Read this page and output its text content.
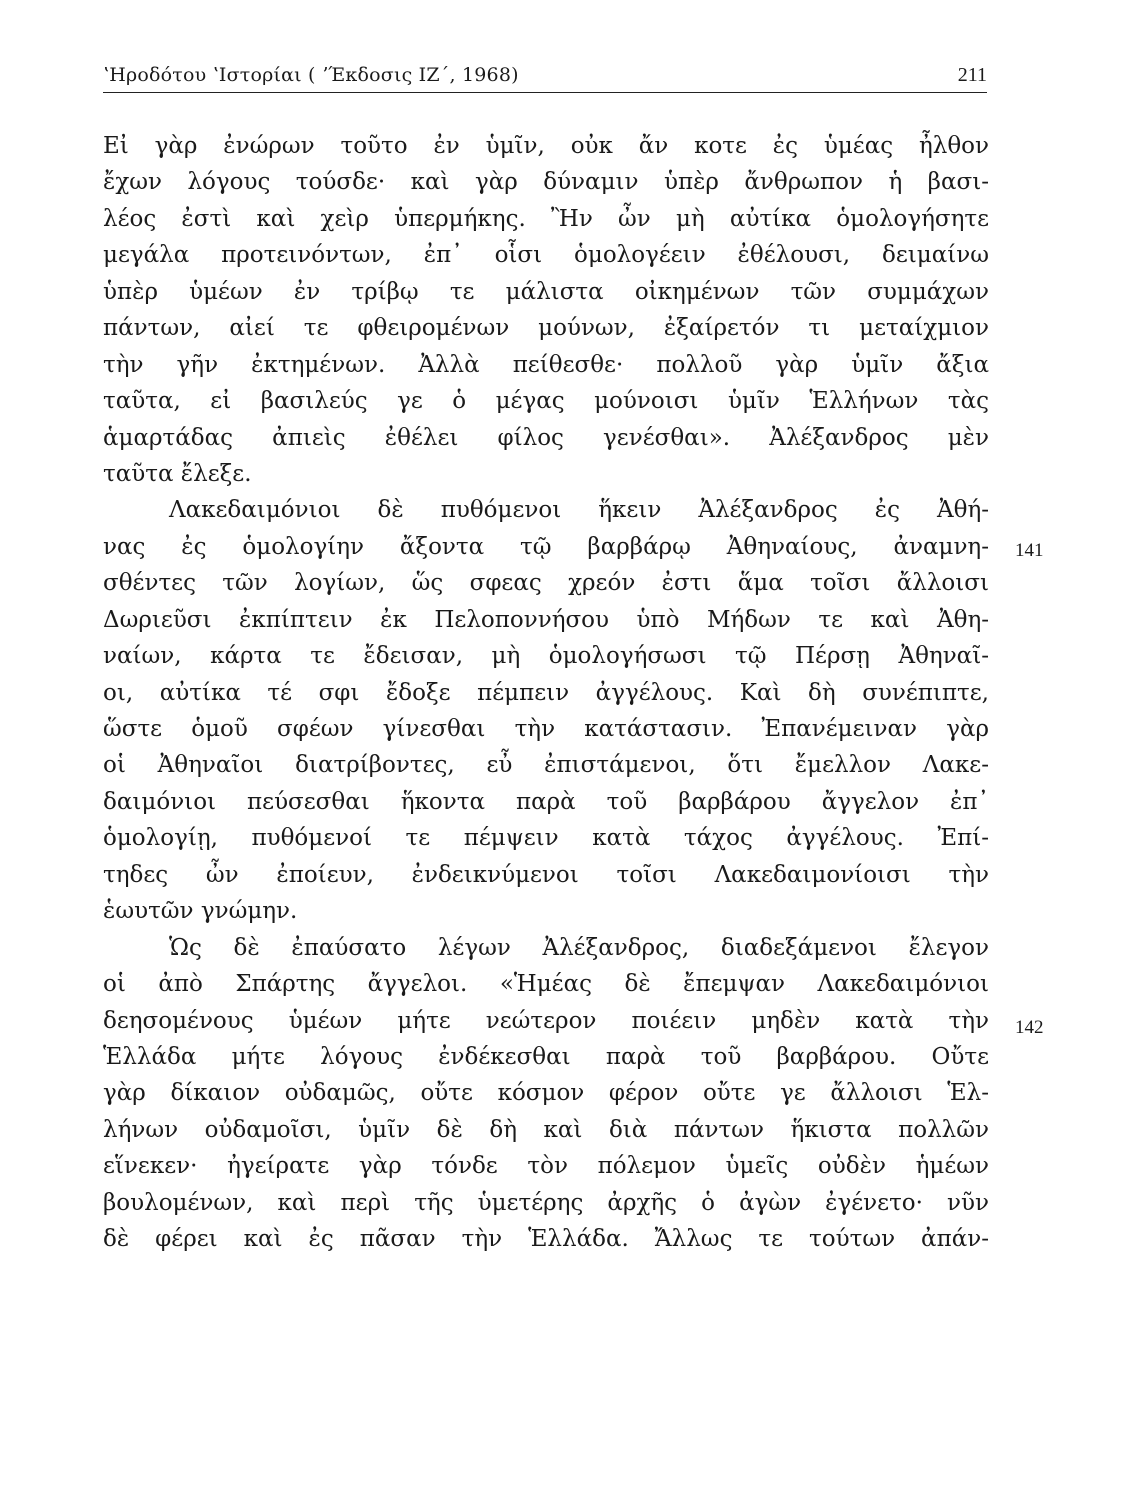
ʽΗροδότου ʽΙστορίαι ( ʼΈκδοσις ΙΖ΄, 1968)	211
Εἰ γὰρ ἐνώρων τοῦτο ἐν ὑμῖν, οὐκ ἄν κοτε ἐς ὑμέας ἦλθον
ἔχων λόγους τούσδε· καὶ γὰρ δύναμιν ὑπὲρ ἄνθρωπον ἡ βασι-
λέος ἐστὶ καὶ χεὶρ ὑπερμήκης. Ἢν ὦν μὴ αὐτίκα ὁμολογήσητε
μεγάλα προτεινόντων, ἐπ᾽ οἷσι ὁμολογέειν ἐθέλουσι, δειμαίνω
ὑπὲρ ὑμέων ἐν τρίβῳ τε μάλιστα οἰκημένων τῶν συμμάχων
πάντων, αἰεί τε φθειρομένων μούνων, ἐξαίρετόν τι μεταίχμιον
τὴν γῆν ἐκτημένων. Ἀλλὰ πείθεσθε· πολλοῦ γὰρ ὑμῖν ἄξια
ταῦτα, εἰ βασιλεύς γε ὁ μέγας μούνοισι ὑμῖν Ἑλλήνων τὰς
ἁμαρτάδας ἀπιεὶς ἐθέλει φίλος γενέσθαι». Ἀλέξανδρος μὲν
ταῦτα ἔλεξε.
Λακεδαιμόνιοι δὲ πυθόμενοι ἥκειν Ἀλέξανδρος ἐς Ἀθή-
νας ἐς ὁμολογίην ἄξοντα τῷ βαρβάρῳ Ἀθηναίους, ἀναμνη-
σθέντες τῶν λογίων, ὥς σφεας χρεόν ἐστι ἅμα τοῖσι ἄλλοισι
Δωριεῦσι ἐκπίπτειν ἐκ Πελοποννήσου ὑπὸ Μήδων τε καὶ Ἀθη-
ναίων, κάρτα τε ἔδεισαν, μὴ ὁμολογήσωσι τῷ Πέρσῃ Ἀθηναῖ-
οι, αὐτίκα τέ σφι ἔδοξε πέμπειν ἀγγέλους. Καὶ δὴ συνέπιπτε,
ὥστε ὁμοῦ σφέων γίνεσθαι τὴν κατάστασιν. Ἐπανέμειναν γὰρ
οἱ Ἀθηναῖοι διατρίβοντες, εὖ ἐπιστάμενοι, ὅτι ἔμελλον Λακε-
δαιμόνιοι πεύσεσθαι ἥκοντα παρὰ τοῦ βαρβάρου ἄγγελον ἐπ᾽
ὁμολογίῃ, πυθόμενοί τε πέμψειν κατὰ τάχος ἀγγέλους. Ἐπί-
τηδες ὦν ἐποίευν, ἐνδεικνύμενοι τοῖσι Λακεδαιμονίοισι τὴν
ἑωυτῶν γνώμην.
Ὡς δὲ ἐπαύσατο λέγων Ἀλέξανδρος, διαδεξάμενοι ἔλεγον
οἱ ἀπὸ Σπάρτης ἄγγελοι. «Ἡμέας δὲ ἔπεμψαν Λακεδαιμόνιοι
δεησομένους ὑμέων μήτε νεώτερον ποιέειν μηδὲν κατὰ τὴν
Ἑλλάδα μήτε λόγους ἐνδέκεσθαι παρὰ τοῦ βαρβάρου. Οὔτε
γὰρ δίκαιον οὐδαμῶς, οὔτε κόσμον φέρον οὔτε γε ἄλλοισι Ἑλ-
λήνων οὐδαμοῖσι, ὑμῖν δὲ δὴ καὶ διὰ πάντων ἥκιστα πολλῶν
εἵνεκεν· ἠγείρατε γὰρ τόνδε τὸν πόλεμον ὑμεῖς οὐδὲν ἡμέων
βουλομένων, καὶ περὶ τῆς ὑμετέρης ἀρχῆς ὁ ἀγὼν ἐγένετο· νῦν
δὲ φέρει καὶ ἐς πᾶσαν τὴν Ἑλλάδα. Ἄλλως τε τούτων ἀπάν-
141
142
